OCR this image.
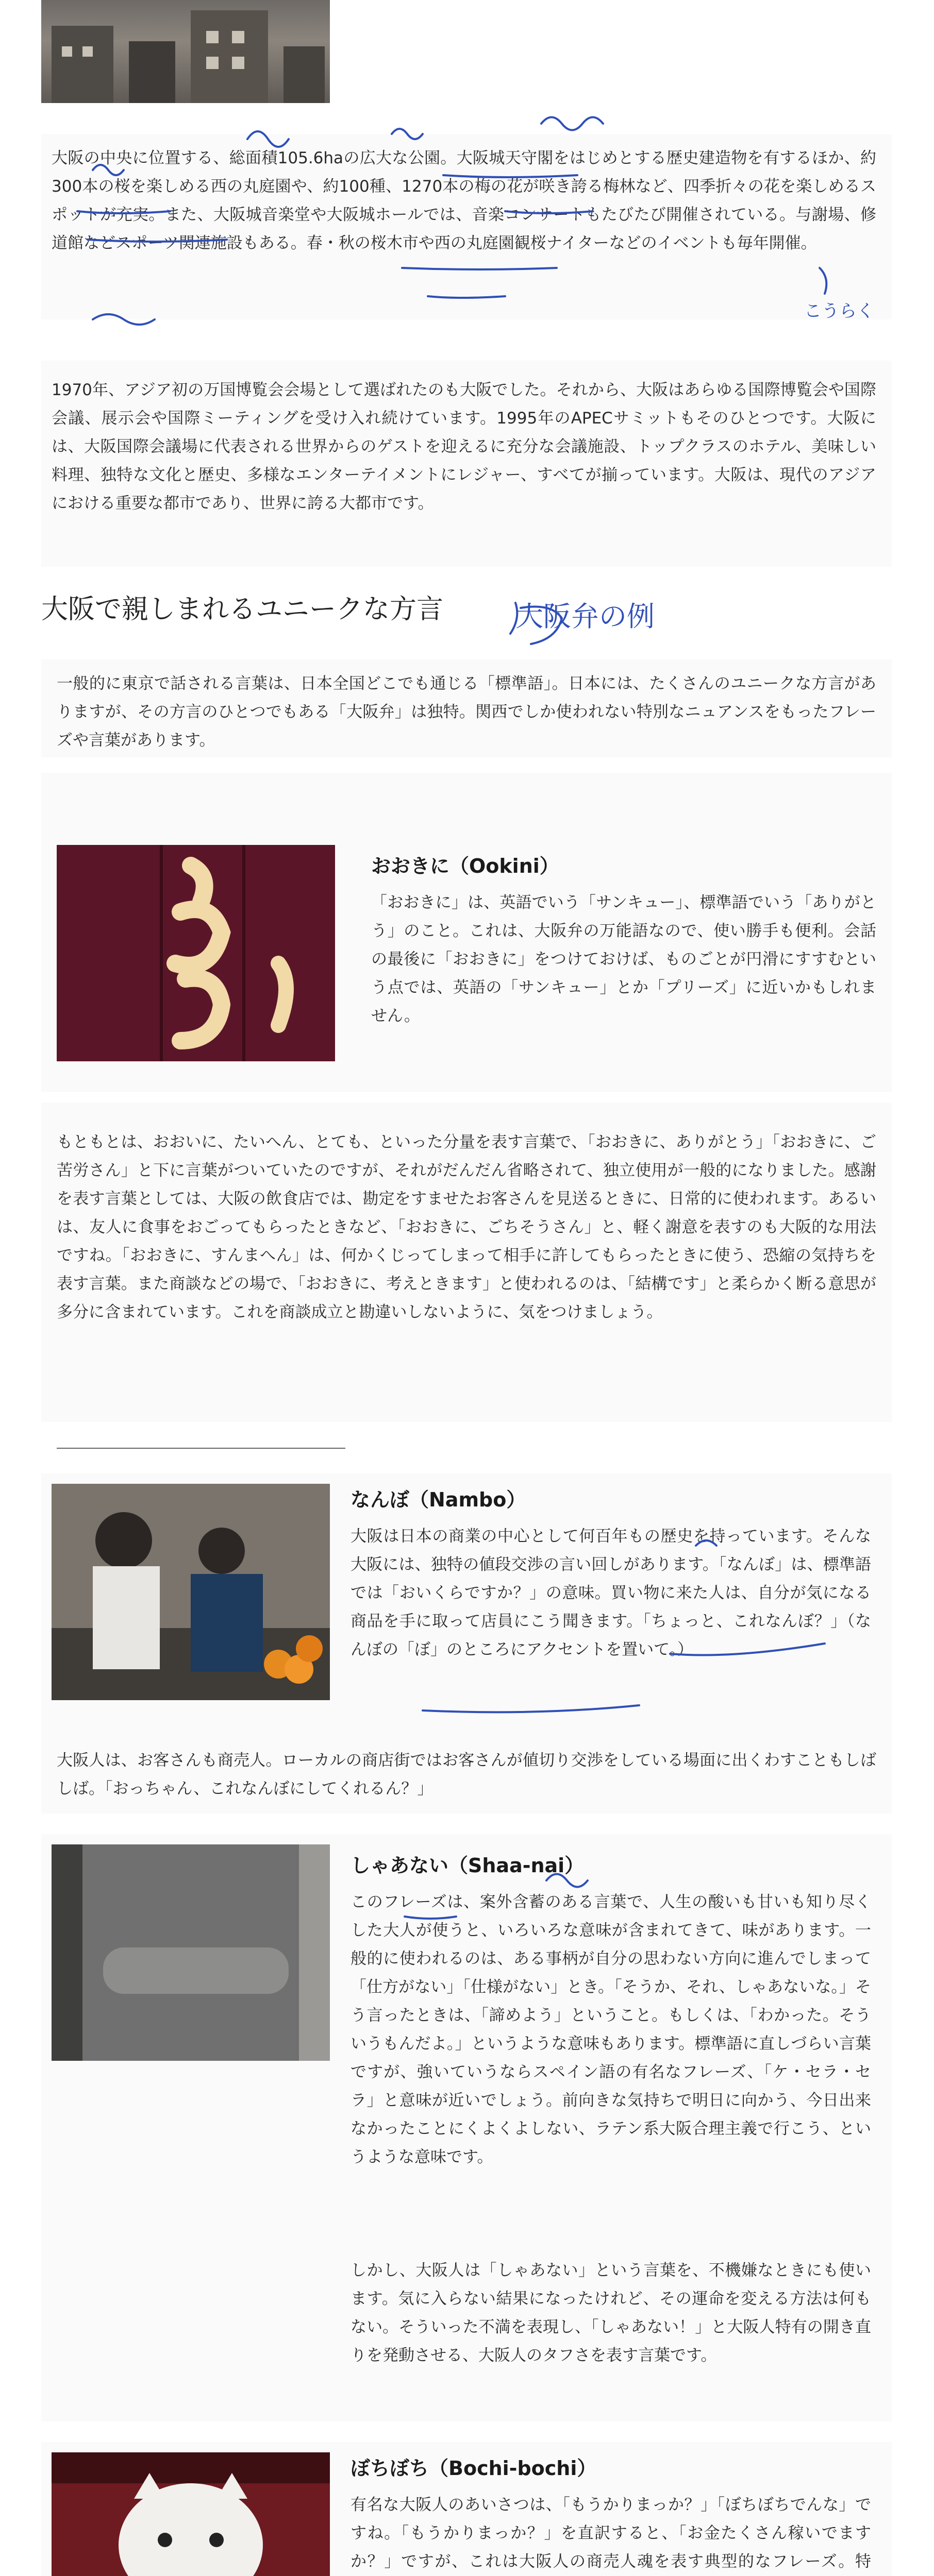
大阪の中央に位置する、総面積105.6haの広大な公園。大阪城天守閣をはじめとする歴史建造物を有するほか、約300本の桜を楽しめる西の丸庭園や、約100種、1270本の梅の花が咲き誇る梅林など、四季折々の花を楽しめるスポットが充実。また、大阪城音楽堂や大阪城ホールでは、音楽コンサートもたびたび開催されている。与謝場、修道館などスポーツ関連施設もある。春・秋の桜木市や西の丸庭園観桜ナイターなどのイベントも毎年開催。

1970年、アジア初の万国博覧会会場として選ばれたのも大阪でした。それから、大阪はあらゆる国際博覧会や国際会議、展示会や国際ミーティングを受け入れ続けています。1995年のAPECサミットもそのひとつです。大阪には、大阪国際会議場に代表される世界からのゲストを迎えるに充分な会議施設、トップクラスのホテル、美味しい料理、独特な文化と歴史、多様なエンターテイメントにレジャー、すべてが揃っています。大阪は、現代のアジアにおける重要な都市であり、世界に誇る大都市です。

大阪で親しまれるユニークな方言

一般的に東京で話される言葉は、日本全国どこでも通じる「標準語」。日本には、たくさんのユニークな方言がありますが、その方言のひとつでもある「大阪弁」は独特。関西でしか使われない特別なニュアンスをもったフレーズや言葉があります。

おおきに（Ookini）

「おおきに」は、英語でいう「サンキュー」、標準語でいう「ありがとう」のこと。これは、大阪弁の万能語なので、使い勝手も便利。会話の最後に「おおきに」をつけておけば、ものごとが円滑にすすむという点では、英語の「サンキュー」とか「プリーズ」に近いかもしれません。

もともとは、おおいに、たいへん、とても、といった分量を表す言葉で、「おおきに、ありがとう」「おおきに、ご苦労さん」と下に言葉がついていたのですが、それがだんだん省略されて、独立使用が一般的になりました。感謝を表す言葉としては、大阪の飲食店では、勘定をすませたお客さんを見送るときに、日常的に使われます。あるいは、友人に食事をおごってもらったときなど、「おおきに、ごちそうさん」と、軽く謝意を表すのも大阪的な用法ですね。「おおきに、すんまへん」は、何かくじってしまって相手に許してもらったときに使う、恐縮の気持ちを表す言葉。また商談などの場で、「おおきに、考えときます」と使われるのは、「結構です」と柔らかく断る意思が多分に含まれています。これを商談成立と勘違いしないように、気をつけましょう。

なんぼ（Nambo）

大阪は日本の商業の中心として何百年もの歴史を持っています。そんな大阪には、独特の値段交渉の言い回しがあります。「なんぼ」は、標準語では「おいくらですか？」の意味。買い物に来た人は、自分が気になる商品を手に取って店員にこう聞きます。「ちょっと、これなんぼ？」（なんぼの「ぼ」のところにアクセントを置いて。）

大阪人は、お客さんも商売人。ローカルの商店街ではお客さんが値切り交渉をしている場面に出くわすこともしばしば。「おっちゃん、これなんぼにしてくれるん？」

しゃあない（Shaa-nai）

このフレーズは、案外含蓄のある言葉で、人生の酸いも甘いも知り尽くした大人が使うと、いろいろな意味が含まれてきて、味があります。一般的に使われるのは、ある事柄が自分の思わない方向に進んでしまって「仕方がない」「仕様がない」とき。「そうか、それ、しゃあないな。」そう言ったときは、「諦めよう」ということ。もしくは、「わかった。そういうもんだよ。」というような意味もあります。標準語に直しづらい言葉ですが、強いていうならスペイン語の有名なフレーズ、「ケ・セラ・セラ」と意味が近いでしょう。前向きな気持ちで明日に向かう、今日出来なかったことにくよくよしない、ラテン系大阪合理主義で行こう、というような意味です。

しかし、大阪人は「しゃあない」という言葉を、不機嫌なときにも使います。気に入らない結果になったけれど、その運命を変える方法は何もない。そういった不満を表現し、「しゃあない！」と大阪人特有の開き直りを発動させる、大阪人のタフさを表す言葉です。

ぼちぼち（Bochi-bochi）

有名な大阪人のあいさつは、「もうかりまっか？」「ぼちぼちでんな」ですね。「もうかりまっか？」を直訳すると、「お金たくさん稼いでますか？」ですが、これは大阪人の商売人魂を表す典型的なフレーズ。特

こうらく
大阪弁の例
